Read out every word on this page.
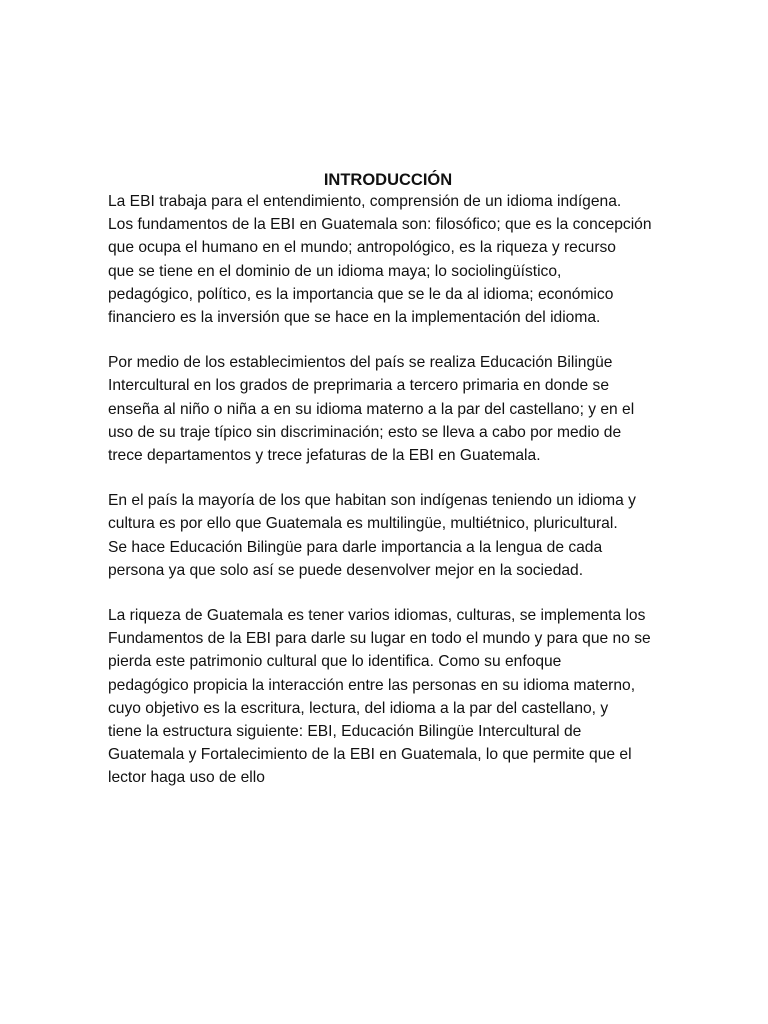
INTRODUCCIÓN
La EBI trabaja para el entendimiento, comprensión de un idioma indígena.
Los fundamentos de la EBI en Guatemala son: filosófico; que es la concepción
que ocupa el humano en el mundo; antropológico, es la riqueza y recurso
que se tiene en el dominio de un idioma maya; lo sociolingüístico,
pedagógico, político, es la importancia que se le da al idioma; económico
financiero es la inversión que se hace en la implementación del idioma.
Por medio de los establecimientos del país se realiza Educación Bilingüe
Intercultural en los grados de preprimaria a tercero primaria en donde se
enseña al niño o niña a en su idioma materno a la par del castellano; y en el
uso de su traje típico sin discriminación; esto se lleva a cabo por medio de
trece departamentos y trece jefaturas de la EBI en Guatemala.
En el país la mayoría de los que habitan son indígenas teniendo un idioma y
cultura es por ello que Guatemala es multilingüe, multiétnico, pluricultural.
Se hace Educación Bilingüe para darle importancia a la lengua de cada
persona ya que solo así se puede desenvolver mejor en la sociedad.
La riqueza de Guatemala es tener varios idiomas, culturas, se implementa los
Fundamentos de la EBI para darle su lugar en todo el mundo y para que no se
pierda este patrimonio cultural que lo identifica. Como su enfoque
pedagógico propicia la interacción entre las personas en su idioma materno,
cuyo objetivo es la escritura, lectura, del idioma a la par del castellano, y
tiene la estructura siguiente: EBI, Educación Bilingüe Intercultural de
Guatemala y Fortalecimiento de la EBI en Guatemala, lo que permite que el
lector haga uso de ello
